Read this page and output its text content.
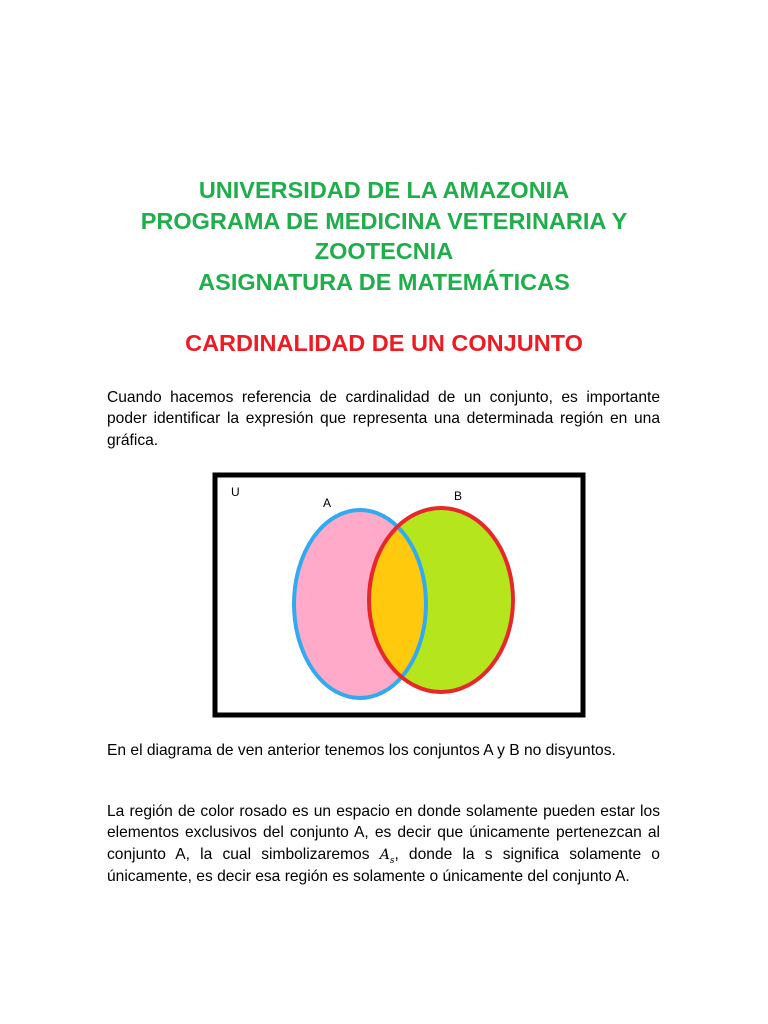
UNIVERSIDAD DE LA AMAZONIA
PROGRAMA DE MEDICINA VETERINARIA Y
ZOOTECNIA
ASIGNATURA DE MATEMÁTICAS
CARDINALIDAD DE UN CONJUNTO

Cuando hacemos referencia de cardinalidad de un conjunto, es importante poder identificar la expresión que representa una determinada región en una gráfica.

U
A	B

En el diagrama de ven anterior tenemos los conjuntos A y B no disyuntos.

La región de color rosado es un espacio en donde solamente pueden estar los elementos exclusivos del conjunto A, es decir que únicamente pertenezcan al conjunto A, la cual simbolizaremos $A_s$, donde la s significa solamente o únicamente, es decir esa región es solamente o únicamente del conjunto A.
